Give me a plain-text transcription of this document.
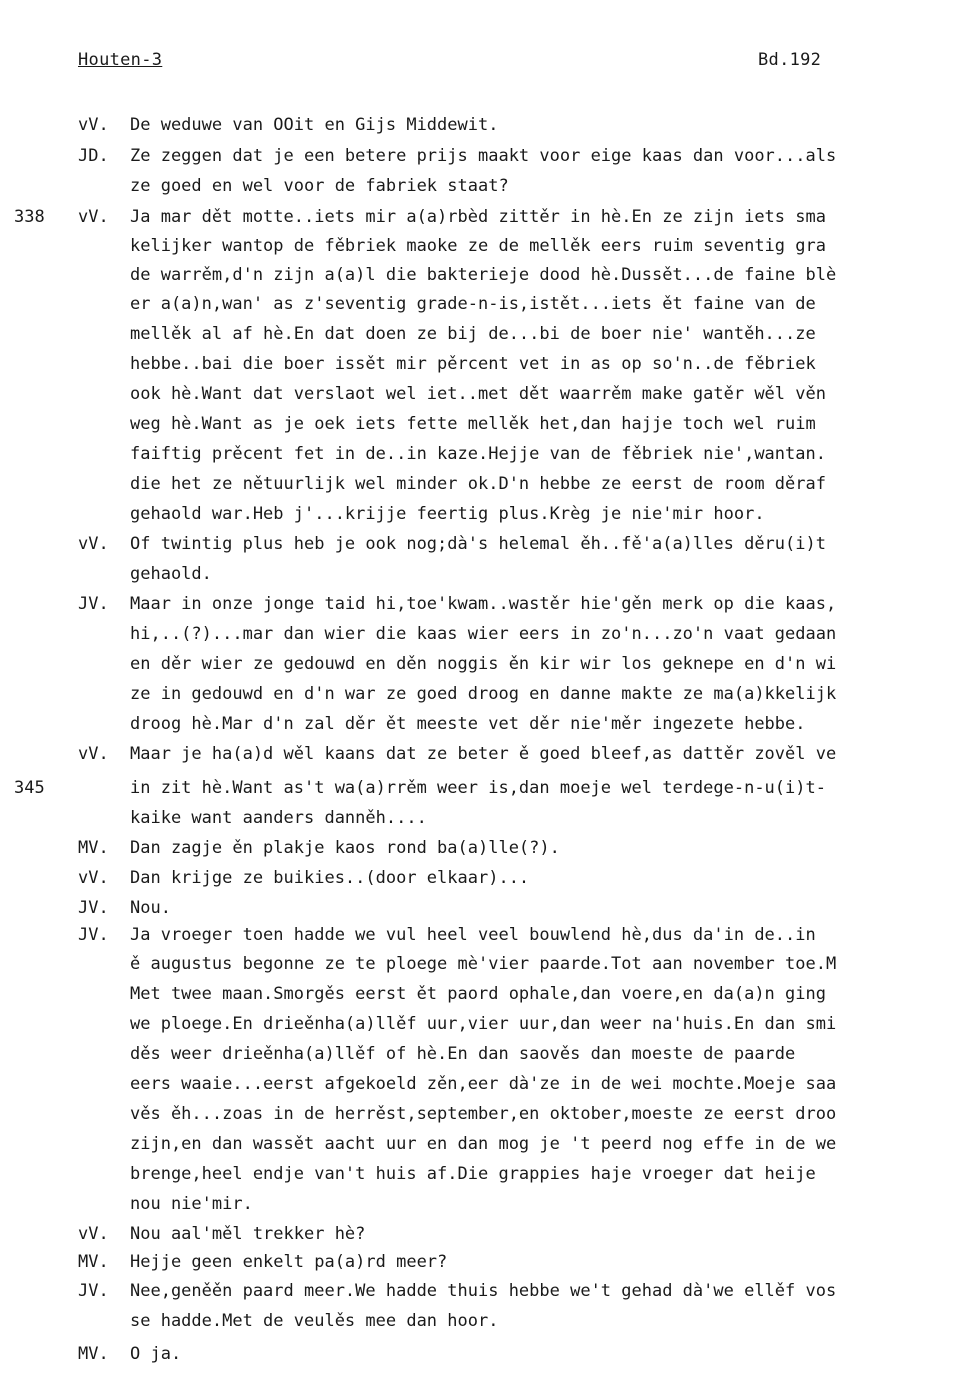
Houten-3	Bd.192
vV.	De weduwe van OOit en Gijs Middewit.
JD.	Ze zeggen dat je een betere prijs maakt voor eige kaas dan voor...als
ze goed en wel voor de fabriek staat?
338	vV.	Ja mar dět motte..iets mir a(a)rbèd zittěr in hè.En ze zijn iets sma
kelijker wantop de fěbriek maoke ze de mellěk eers ruim seventig gra
de warrěm,d'n zijn a(a)l die bakterieje dood hè.Dussět...de faine blè
er a(a)n,wan' as z'seventig grade-n-is,istět...iets ět faine van de
mellěk al af hè.En dat doen ze bij de...bi de boer nie' wantěh...ze
hebbe..bai die boer issět mir pěrcent vet in as op so'n..de fěbriek
ook hè.Want dat verslaot wel iet..met dět waarrěm make gatěr wěl věn
weg hè.Want as je oek iets fette mellěk het,dan hajje toch wel ruim
faiftig prěcent fet in de..in kaze.Hejje van de fěbriek nie',wantan.
die het ze nětuurlijk wel minder ok.D'n hebbe ze eerst de room děraf
gehaold war.Heb j'...krijje feertig plus.Krèg je nie'mir hoor.
vV.	Of twintig plus heb je ook nog;dà's helemal ěh..fě'a(a)lles děru(i)t
gehaold.
JV.	Maar in onze jonge taid hi,toe'kwam..wastěr hie'gěn merk op die kaas,
hi,..(?)...mar dan wier die kaas wier eers in zo'n...zo'n vaat gedaan
en děr wier ze gedouwd en děn noggis ěn kir wir los geknepe en d'n wi
ze in gedouwd en d'n war ze goed droog en danne makte ze ma(a)kkelijk
droog hè.Mar d'n zal děr ět meeste vet děr nie'měr ingezete hebbe.
vV.	Maar je ha(a)d wěl kaans dat ze beter ě goed bleef,as dattěr zověl ve
345	in zit hè.Want as't wa(a)rrěm weer is,dan moeje wel terdege-n-u(i)t-
kaike want aanders danněh....
MV.	Dan zagje ěn plakje kaos rond ba(a)lle(?).
vV.	Dan krijge ze buikies..(door elkaar)...
JV.	Nou.
JV.	Ja vroeger toen hadde we vul heel veel bouwlend hè,dus da'in de..in
ě augustus begonne ze te ploege mè'vier paarde.Tot aan november toe.M
Met twee maan.Smorgěs eerst ět paord ophale,dan voere,en da(a)n ging
we ploege.En drieěnha(a)llěf uur,vier uur,dan weer na'huis.En dan smi
děs weer drieěnha(a)llěf of hè.En dan saověs dan moeste de paarde
eers waaie...eerst afgekoeld zěn,eer dà'ze in de wei mochte.Moeje saa
věs ěh...zoas in de herrěst,september,en oktober,moeste ze eerst droo
zijn,en dan wassět aacht uur en dan mog je 't peerd nog effe in de we
brenge,heel endje van't huis af.Die grappies haje vroeger dat heije
nou nie'mir.
vV.	Nou aal'měl trekker hè?
MV.	Hejje geen enkelt pa(a)rd meer?
JV.	Nee,geněěn paard meer.We hadde thuis hebbe we't gehad dà'we ellěf vos
se hadde.Met de veulěs mee dan hoor.
MV.	O ja.
